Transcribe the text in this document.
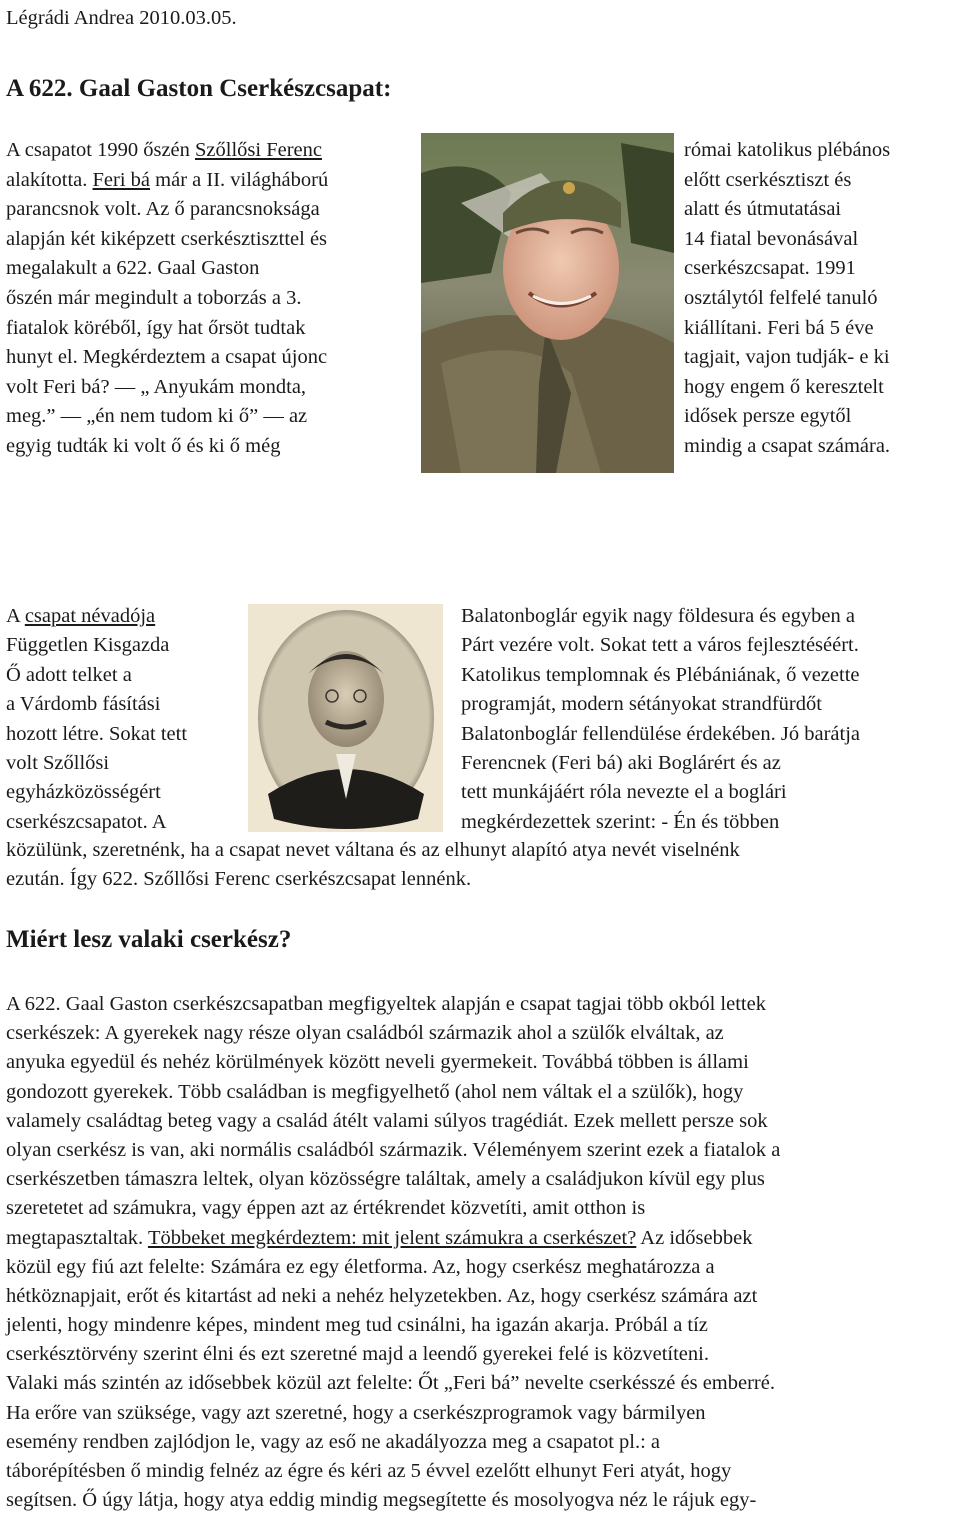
Légrádi Andrea 2010.03.05.
A 622. Gaal Gaston Cserkészcsapat:
A csapatot 1990 őszén Szőllősi Ferenc
alakította. Feri bá már a II. világháború
parancsnok volt. Az ő parancsnoksága
alapján két kiképzett cserkésztiszttel és
megalakult a 622. Gaal Gaston
őszén már megindult a toborzás a 3.
fiatalok köréből, így hat őrsöt tudtak
hunyt el. Megkérdeztem a csapat újonc
volt Feri bá? ― „ Anyukám mondta,
meg.” ― „én nem tudom ki ő” ― az
egyig tudták ki volt ő és ki ő még
római katolikus plébános
előtt cserkésztiszt és
alatt és útmutatásai
14 fiatal bevonásával
cserkészcsapat. 1991
osztálytól felfelé tanuló
kiállítani. Feri bá 5 éve
tagjait, vajon tudják- e ki
hogy engem ő keresztelt
idősek persze egytől
mindig a csapat számára.
A csapat névadója
Független Kisgazda
Ő adott telket a
a Várdomb fásítási
hozott létre. Sokat tett
volt Szőllősi
egyházközösségért
cserkészcsapatot. A
Balatonboglár egyik nagy földesura és egyben a
Párt vezére volt. Sokat tett a város fejlesztéséért.
Katolikus templomnak és Plébániának, ő vezette
programját, modern sétányokat strandfürdőt
Balatonboglár fellendülése érdekében. Jó barátja
Ferencnek (Feri bá) aki Boglárért és az
tett munkájáért róla nevezte el a boglári
megkérdezettek szerint: - Én és többen
közülünk, szeretnénk, ha a csapat nevet váltana és az elhunyt alapító atya nevét viselnénk
ezután. Így 622. Szőllősi Ferenc cserkészcsapat lennénk.
Miért lesz valaki cserkész?
A 622. Gaal Gaston cserkészcsapatban megfigyeltek alapján e csapat tagjai több okból lettek
cserkészek: A gyerekek nagy része olyan családból származik ahol a szülők elváltak, az
anyuka egyedül és nehéz körülmények között neveli gyermekeit. Továbbá többen is állami
gondozott gyerekek. Több családban is megfigyelhető (ahol nem váltak el a szülők), hogy
valamely családtag beteg vagy a család átélt valami súlyos tragédiát. Ezek mellett persze sok
olyan cserkész is van, aki normális családból származik. Véleményem szerint ezek a fiatalok a
cserkészetben támaszra leltek, olyan közösségre találtak, amely a családjukon kívül egy plus
szeretetet ad számukra, vagy éppen azt az értékrendet közvetíti, amit otthon is
megtapasztaltak. Többeket megkérdeztem: mit jelent számukra a cserkészet? Az idősebbek
közül egy fiú azt felelte: Számára ez egy életforma. Az, hogy cserkész meghatározza a
hétköznapjait, erőt és kitartást ad neki a nehéz helyzetekben. Az, hogy cserkész számára azt
jelenti, hogy mindenre képes, mindent meg tud csinálni, ha igazán akarja. Próbál a tíz
cserkésztörvény szerint élni és ezt szeretné majd a leendő gyerekei felé is közvetíteni.
Valaki más szintén az idősebbek közül azt felelte: Őt „Feri bá” nevelte cserkésszé és emberré.
Ha erőre van szüksége, vagy azt szeretné, hogy a cserkészprogramok vagy bármilyen
esemény rendben zajlódjon le, vagy az eső ne akadályozza meg a csapatot pl.: a
táborépítésben ő mindig felnéz az égre és kéri az 5 évvel ezelőtt elhunyt Feri atyát, hogy
segítsen. Ő úgy látja, hogy atya eddig mindig megsegítette és mosolyogva néz le rájuk egy-
